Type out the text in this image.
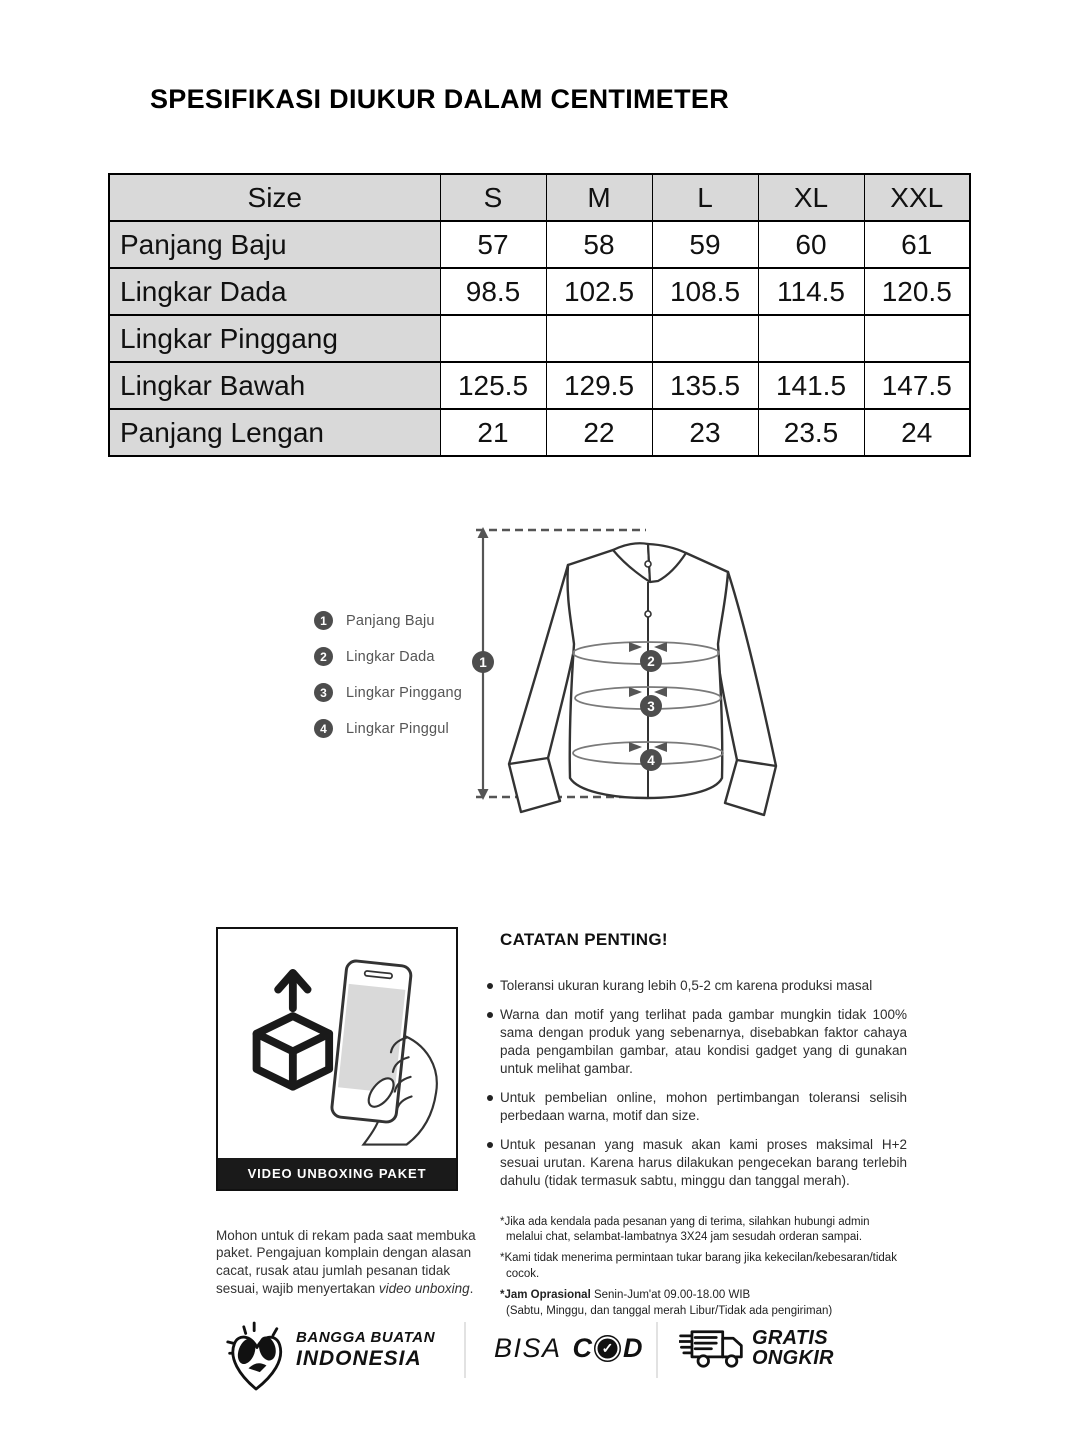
SPESIFIKASI DIUKUR DALAM CENTIMETER
Size	S	M	L	XL	XXL
Panjang Baju	57	58	59	60	61
Lingkar Dada	98.5	102.5	108.5	114.5	120.5
Lingkar Pinggang					
Lingkar Bawah	125.5	129.5	135.5	141.5	147.5
Panjang Lengan	21	22	23	23.5	24
1	Panjang Baju
2	Lingkar Dada
3	Lingkar Pinggang
4	Lingkar Pinggul
1	2
3
4
VIDEO UNBOXING PAKET

Mohon untuk di rekam pada saat membuka paket. Pengajuan komplain dengan alasan cacat, rusak atau jumlah pesanan tidak sesuai, wajib menyertakan video unboxing.

CATATAN PENTING!

Toleransi ukuran kurang lebih 0,5-2 cm karena produksi masal

Warna dan motif yang terlihat pada gambar mungkin tidak 100% sama dengan produk yang sebenarnya, disebabkan faktor cahaya pada pengambilan gambar, atau kondisi gadget yang di gunakan untuk melihat gambar.

Untuk pembelian online, mohon pertimbangan toleransi selisih perbedaan warna, motif dan size.

Untuk pesanan yang masuk akan kami proses maksimal H+2 sesuai urutan. Karena harus dilakukan pengecekan barang terlebih dahulu (tidak termasuk sabtu, minggu dan tanggal merah).

*Jika ada kendala pada pesanan yang di terima, silahkan hubungi admin melalui chat, selambat-lambatnya 3X24 jam sesudah orderan sampai.
*Kami tidak menerima permintaan tukar barang jika kekecilan/kebesaran/tidak cocok.
*Jam Oprasional Senin-Jum'at 09.00-18.00 WIB
(Sabtu, Minggu, dan tanggal merah Libur/Tidak ada pengiriman)
BANGGA BUATAN
INDONESIA	BISA C ✓ D	GRATIS
ONGKIR
